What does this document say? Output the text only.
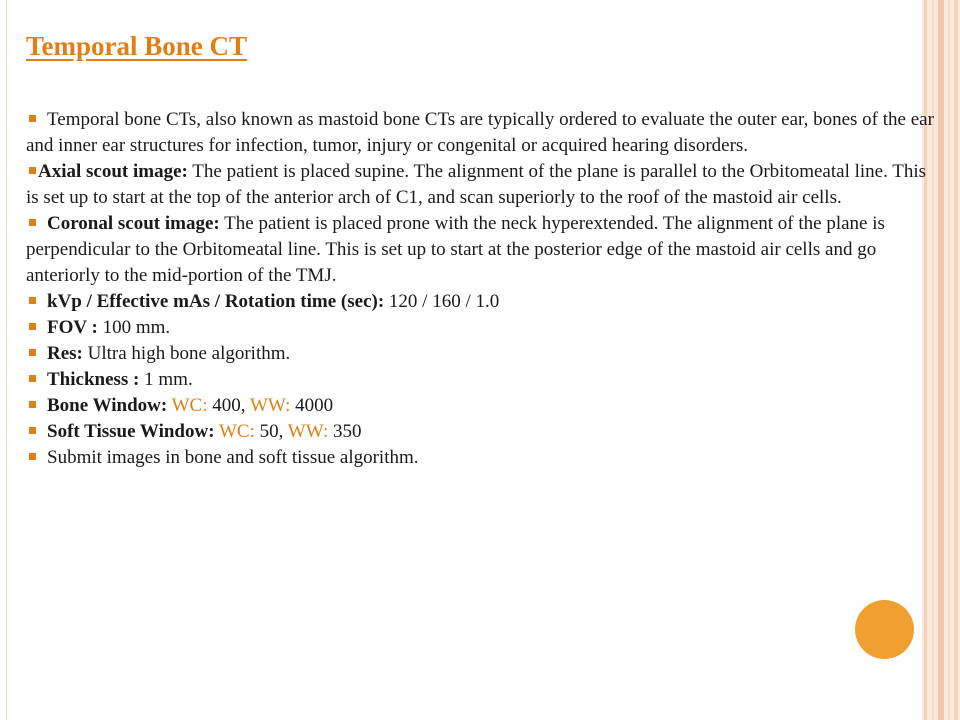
Temporal Bone CT
Temporal bone CTs, also known as mastoid bone CTs are typically ordered to evaluate the outer ear, bones of the ear and inner ear structures for infection, tumor, injury or congenital or acquired hearing disorders.
Axial scout image: The patient is placed supine. The alignment of the plane is parallel to the Orbitomeatal line. This is set up to start at the top of the anterior arch of C1, and scan superiorly to the roof of the mastoid air cells.
Coronal scout image: The patient is placed prone with the neck hyperextended. The alignment of the plane is perpendicular to the Orbitomeatal line. This is set up to start at the posterior edge of the mastoid air cells and go anteriorly to the mid-portion of the TMJ.
kVp / Effective mAs / Rotation time (sec): 120 / 160 / 1.0
FOV : 100 mm.
Res: Ultra high bone algorithm.
Thickness : 1 mm.
Bone Window: WC: 400, WW: 4000
Soft Tissue Window: WC: 50, WW: 350
Submit images in bone and soft tissue algorithm.
